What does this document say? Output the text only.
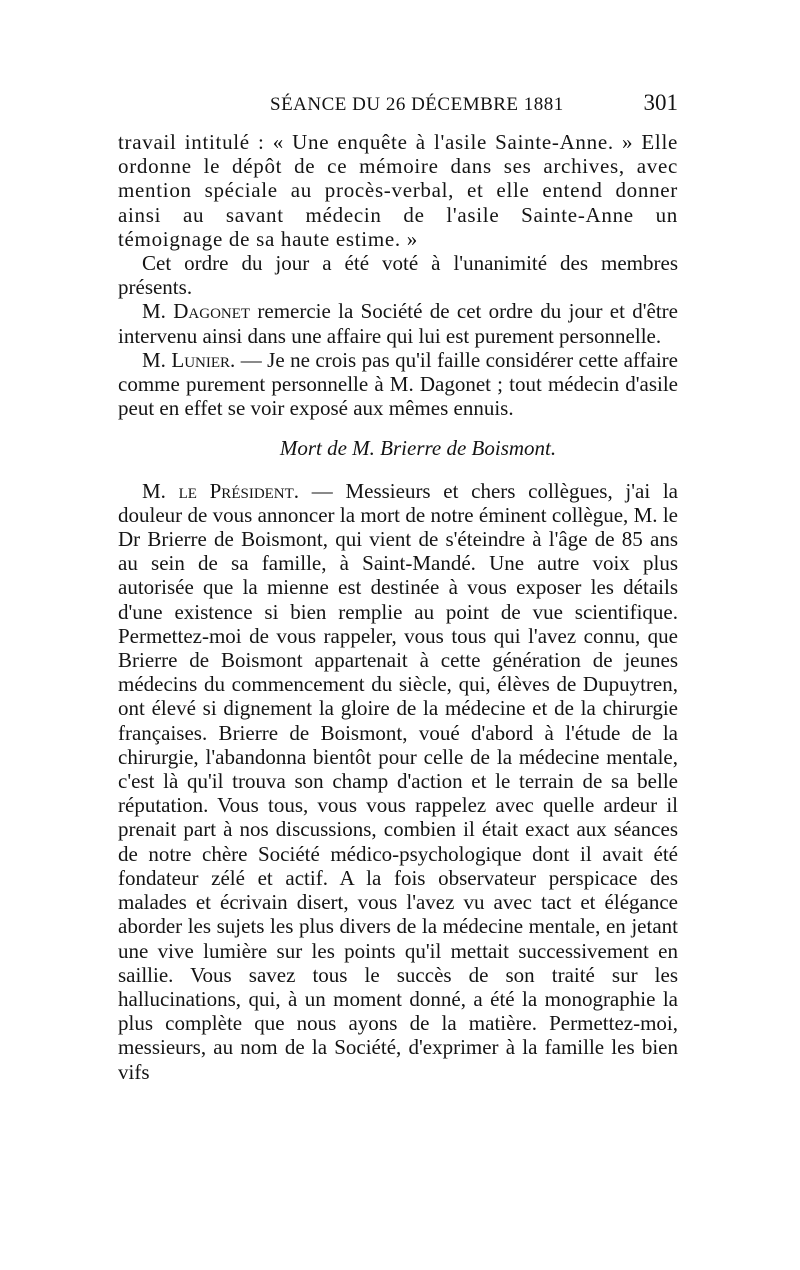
SÉANCE DU 26 DÉCEMBRE 1881	301

travail intitulé : « Une enquête à l'asile Sainte-Anne. » Elle ordonne le dépôt de ce mémoire dans ses archives, avec mention spéciale au procès-verbal, et elle entend donner ainsi au savant médecin de l'asile Sainte-Anne un témoignage de sa haute estime. »

Cet ordre du jour a été voté à l'unanimité des membres présents.

M. Dagonet remercie la Société de cet ordre du jour et d'être intervenu ainsi dans une affaire qui lui est purement personnelle.

M. Lunier. — Je ne crois pas qu'il faille considérer cette affaire comme purement personnelle à M. Dagonet ; tout médecin d'asile peut en effet se voir exposé aux mêmes ennuis.

Mort de M. Brierre de Boismont.

M. le Président. — Messieurs et chers collègues, j'ai la douleur de vous annoncer la mort de notre éminent collègue, M. le Dr Brierre de Boismont, qui vient de s'éteindre à l'âge de 85 ans au sein de sa famille, à Saint-Mandé. Une autre voix plus autorisée que la mienne est destinée à vous exposer les détails d'une existence si bien remplie au point de vue scientifique. Permettez-moi de vous rappeler, vous tous qui l'avez connu, que Brierre de Boismont appartenait à cette génération de jeunes médecins du commencement du siècle, qui, élèves de Dupuytren, ont élevé si dignement la gloire de la médecine et de la chirurgie françaises. Brierre de Boismont, voué d'abord à l'étude de la chirurgie, l'abandonna bientôt pour celle de la médecine mentale, c'est là qu'il trouva son champ d'action et le terrain de sa belle réputation. Vous tous, vous vous rappelez avec quelle ardeur il prenait part à nos discussions, combien il était exact aux séances de notre chère Société médico-psychologique dont il avait été fondateur zélé et actif. A la fois observateur perspicace des malades et écrivain disert, vous l'avez vu avec tact et élégance aborder les sujets les plus divers de la médecine mentale, en jetant une vive lumière sur les points qu'il mettait successivement en saillie. Vous savez tous le succès de son traité sur les hallucinations, qui, à un moment donné, a été la monographie la plus complète que nous ayons de la matière. Permettez-moi, messieurs, au nom de la Société, d'exprimer à la famille les bien vifs
